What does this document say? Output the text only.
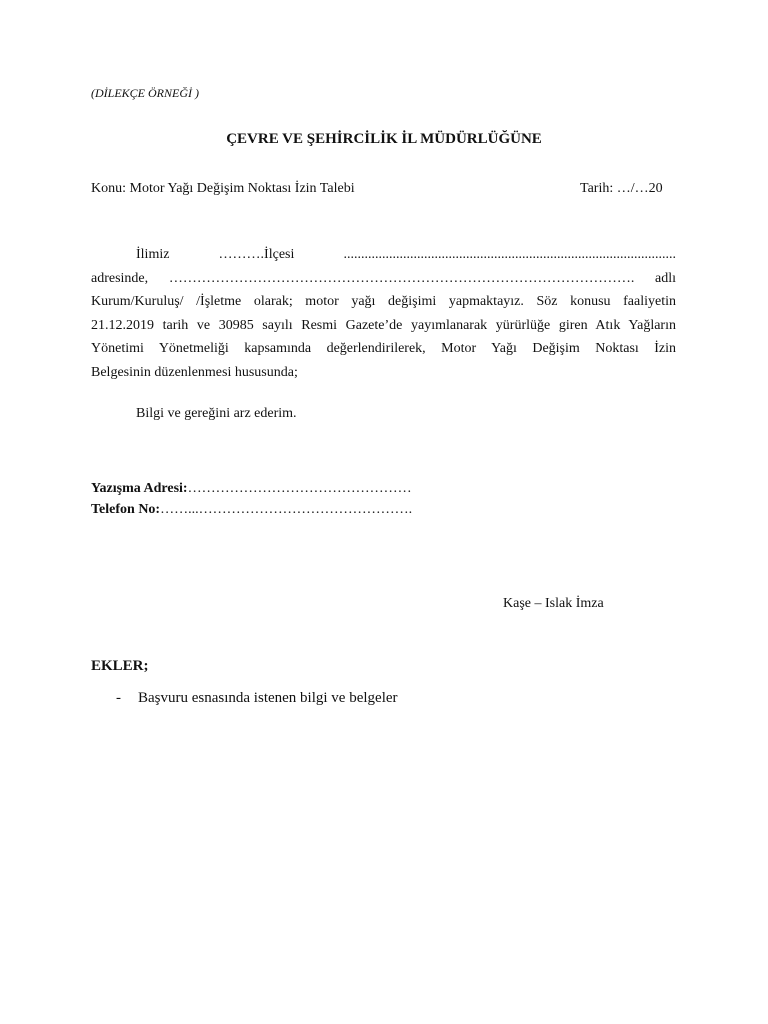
(DİLEKÇE ÖRNEĞİ )
ÇEVRE VE ŞEHİRCİLİK İL MÜDÜRLÜĞÜNE
Konu: Motor Yağı Değişim Noktası İzin Talebi	Tarih: …/…20
İlimiz ……….İlçesi ...............................................................................................
adresinde, ………………………………………………………………………………………. adlı
Kurum/Kuruluş/ /İşletme olarak; motor yağı değişimi yapmaktayız. Söz konusu faaliyetin
21.12.2019 tarih ve 30985 sayılı Resmi Gazete’de yayımlanarak yürürlüğe giren Atık Yağların
Yönetimi Yönetmeliği kapsamında değerlendirilerek, Motor Yağı Değişim Noktası İzin
Belgesinin düzenlenmesi hususunda;
Bilgi ve gereğini arz ederim.
Yazışma Adresi:…………………………………………
Telefon No:……...……………………………………….
Kaşe – Islak İmza
EKLER;
- Başvuru esnasında istenen bilgi ve belgeler
